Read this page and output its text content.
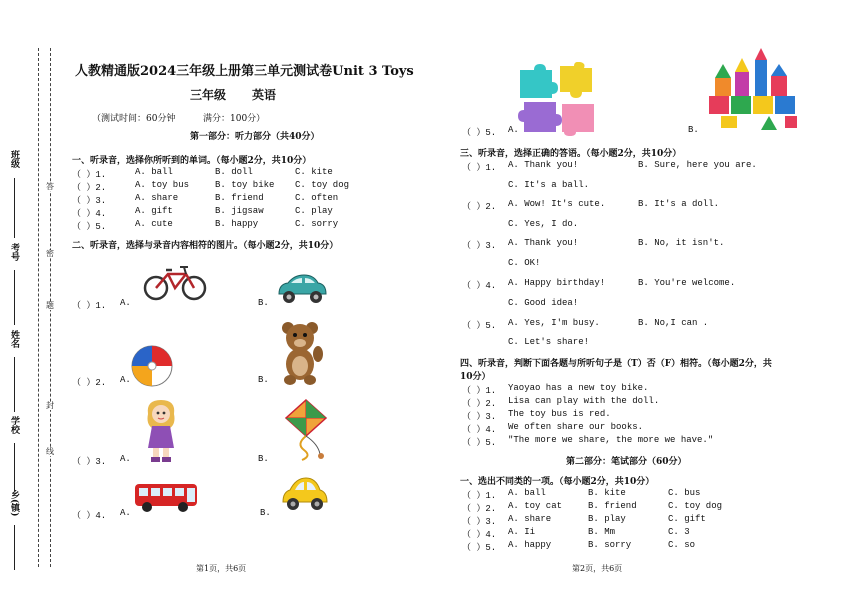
班级
考号
姓名
学校
乡(镇)
答
密
题
封
线
人教精通版2024三年级上册第三单元测试卷Unit 3 Toys
三年级 英语
（测试时间：60分钟	满分：100分）
第一部分：听力部分（共40分）
一、听录音，选择你所听到的单词。（每小题2分，共10分）
（ ）1.	A. ball	B. doll	C. kite
（ ）2.	A. toy bus	B. toy bike C. toy dog
（ ）3.	A. share	B. friend	C. often
（ ）4.	A. gift	B. jigsaw	C. play
（ ）5.	A. cute	B. happy	C. sorry
二、听录音，选择与录音内容相符的图片。（每小题2分，共10分）
（ ）1. A.	B.
（ ）2. A.	B.
（ ）3. A.	B.
（ ）4. A.	B.
第1页，共6页
（ ）5. A.	B.
三、听录音，选择正确的答语。（每小题2分，共10分）
（ ）1. A. Thank you!	B. Sure, here you are.
C. It's a ball.
（ ）2. A. Wow! It's cute.	B. It's a doll.
C. Yes, I do.
（ ）3. A. Thank you!	B. No, it isn't.
C. OK!
（ ）4. A. Happy birthday!	B. You're welcome.
C. Good idea!
（ ）5. A. Yes, I'm busy.	B. No,I can .
C. Let's share!
四、听录音，判断下面各题与所听句子是（T）否（F）相符。（每小题2分，共
10分）
（ ）1. Yaoyao has a new toy bike.
（ ）2. Lisa can play with the doll.
（ ）3. The toy bus is red.
（ ）4. We often share our books.
（ ）5. "The more we share, the more we have."
第二部分：笔试部分（60分）
一、选出不同类的一项。（每小题2分，共10分）
（ ）1. A. ball	B. kite	C. bus
（ ）2. A. toy cat	B. friend	C. toy dog
（ ）3. A. share	B. play	C. gift
（ ）4. A. Ii	B. Mm	C. 3
（ ）5. A. happy	B. sorry	C. so
第2页，共6页
